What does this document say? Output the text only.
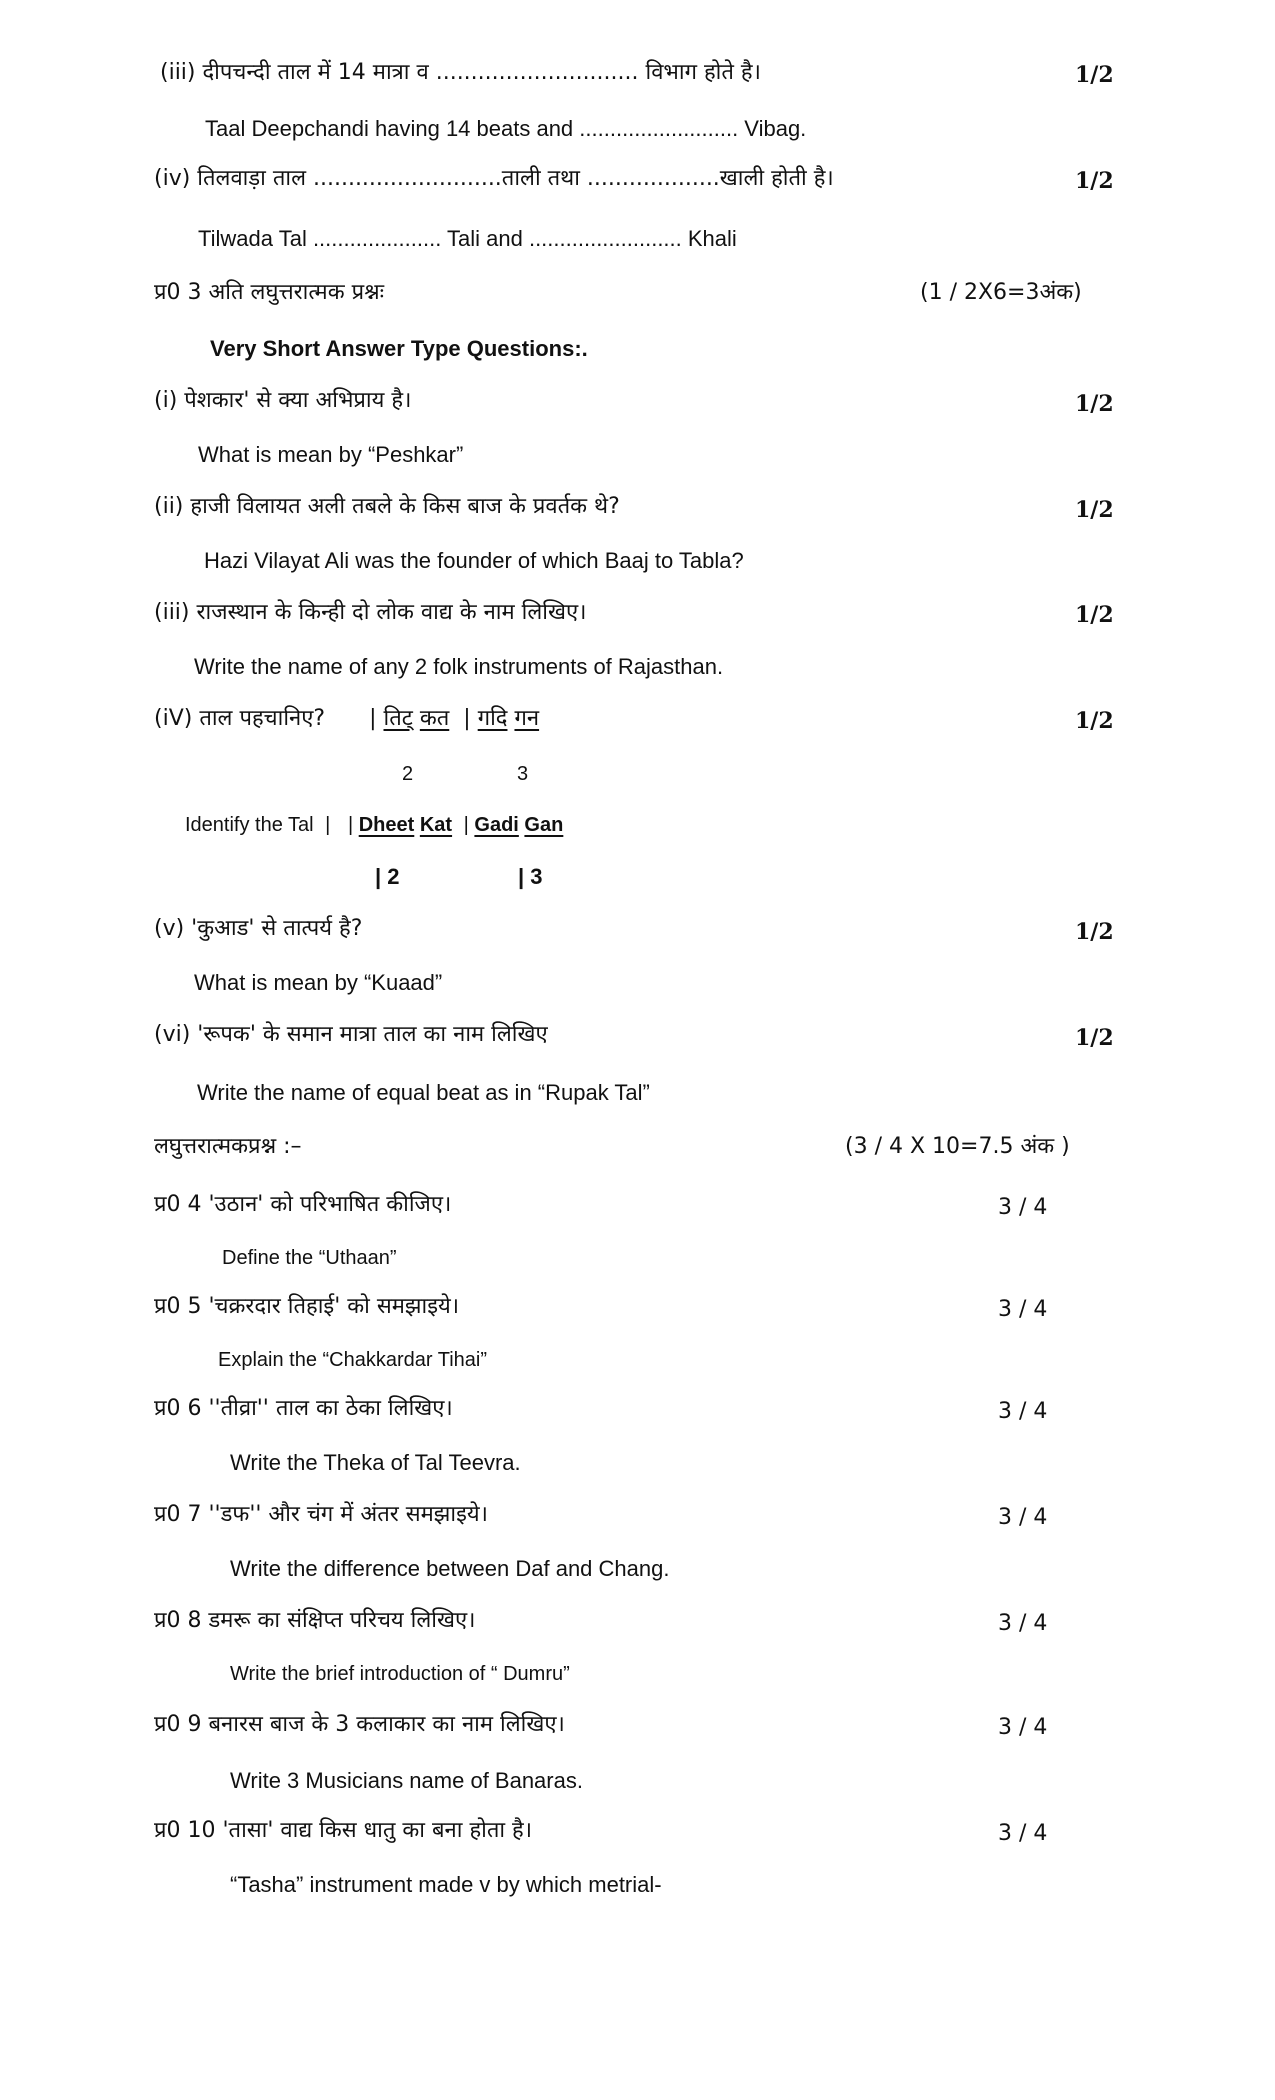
(iii) दीपचन्दी ताल में 14 मात्रा व ............................. विभाग होते है।	1/2
Taal Deepchandi having 14 beats and .......................... Vibag.
(iv) तिलवाड़ा ताल ...........................ताली तथा ...................खाली होती है।	1/2
Tilwada Tal ..................... Tali and ......................... Khali
प्र0 3 अति लघुत्तरात्मक प्रश्नः	(1 / 2X6=3अंक)
Very Short Answer Type Questions:.
(i) पेशकार' से क्या अभिप्राय है।	1/2
What is mean by “Peshkar”
(ii) हाजी विलायत अली तबले के किस बाज के प्रवर्तक थे?	1/2
Hazi Vilayat Ali was the founder of which Baaj to Tabla?
(iii) राजस्थान के किन्ही दो लोक वाद्य के नाम लिखिए।	1/2
Write the name of any 2 folk instruments of Rajasthan.
(iV) ताल पहचानिए? | तिट् कत | गदि गन	1/2
2	3
Identify the Tal | | Dheet Kat | Gadi Gan
| 2	| 3
(v) 'कुआड' से तात्पर्य है?	1/2
What is mean by “Kuaad”
(vi) 'रूपक' के समान मात्रा ताल का नाम लिखिए	1/2
Write the name of equal beat as in “Rupak Tal”
लघुत्तरात्मकप्रश्न :–	(3 / 4 X 10=7.5 अंक )
प्र0 4 'उठान' को परिभाषित कीजिए।	3 / 4
Define the “Uthaan”
प्र0 5 'चक्ररदार तिहाई' को समझाइये।	3 / 4
Explain the “Chakkardar Tihai”
प्र0 6 ''तीव्रा'' ताल का ठेका लिखिए।	3 / 4
Write the Theka of Tal Teevra.
प्र0 7 ''डफ'' और चंग में अंतर समझाइये।	3 / 4
Write the difference between Daf and Chang.
प्र0 8 डमरू का संक्षिप्त परिचय लिखिए।	3 / 4
Write the brief introduction of “ Dumru”
प्र0 9 बनारस बाज के 3 कलाकार का नाम लिखिए।	3 / 4
Write 3 Musicians name of Banaras.
प्र0 10 'तासा' वाद्य किस धातु का बना होता है।	3 / 4
“Tasha” instrument made v by which metrial-
